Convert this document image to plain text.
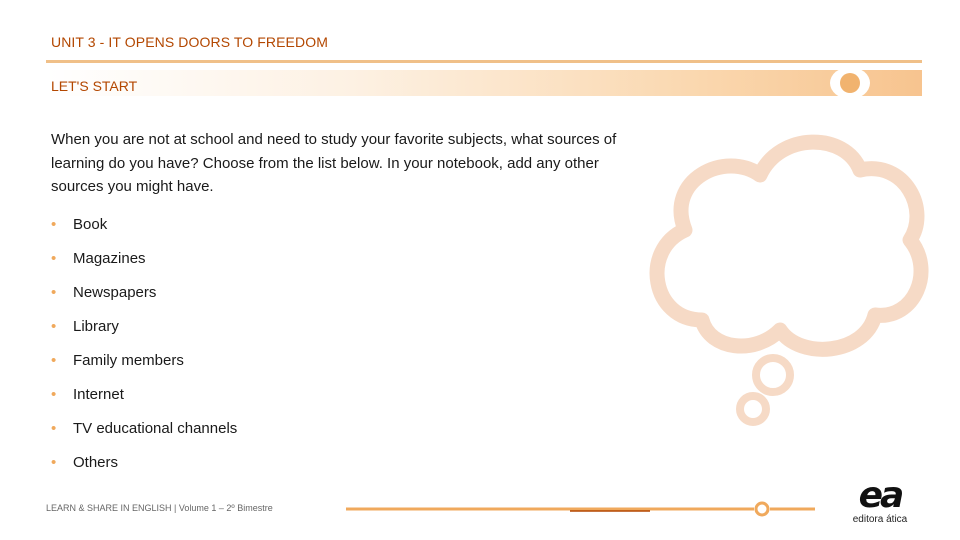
UNIT 3 - IT OPENS DOORS TO FREEDOM
LET'S START
When you are not at school and need to study your favorite subjects, what sources of learning do you have? Choose from the list below. In your notebook, add any other sources you might have.
•	Book
•	Magazines
•	Newspapers
•	Library
•	Family members
•	Internet
•	TV educational channels
•	Others
LEARN & SHARE IN ENGLISH | Volume 1 – 2º Bimestre	ea
editora ática
